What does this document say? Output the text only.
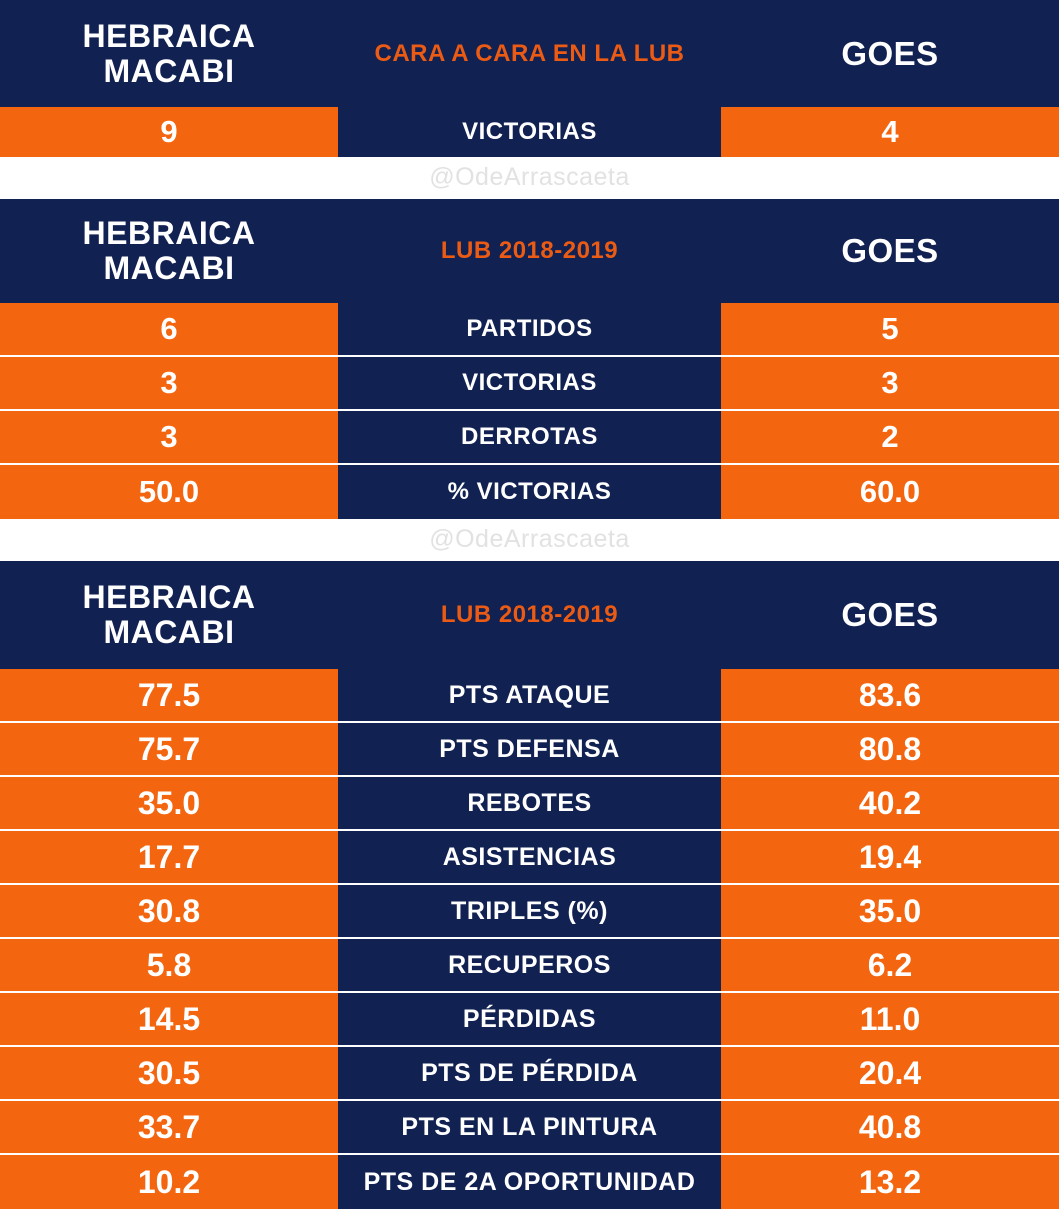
HEBRAICA
MACABI	CARA A CARA EN LA LUB	GOES
9	VICTORIAS	4
@OdeArrascaeta
HEBRAICA
MACABI	LUB 2018-2019	GOES
6	PARTIDOS	5
3	VICTORIAS	3
3	DERROTAS	2
50.0	% VICTORIAS	60.0
@OdeArrascaeta
HEBRAICA
MACABI	LUB 2018-2019	GOES
77.5	PTS ATAQUE	83.6
75.7	PTS DEFENSA	80.8
35.0	REBOTES	40.2
17.7	ASISTENCIAS	19.4
30.8	TRIPLES (%)	35.0
5.8	RECUPEROS	6.2
14.5	PÉRDIDAS	11.0
30.5	PTS DE PÉRDIDA	20.4
33.7	PTS EN LA PINTURA	40.8
10.2	PTS DE 2A OPORTUNIDAD	13.2
